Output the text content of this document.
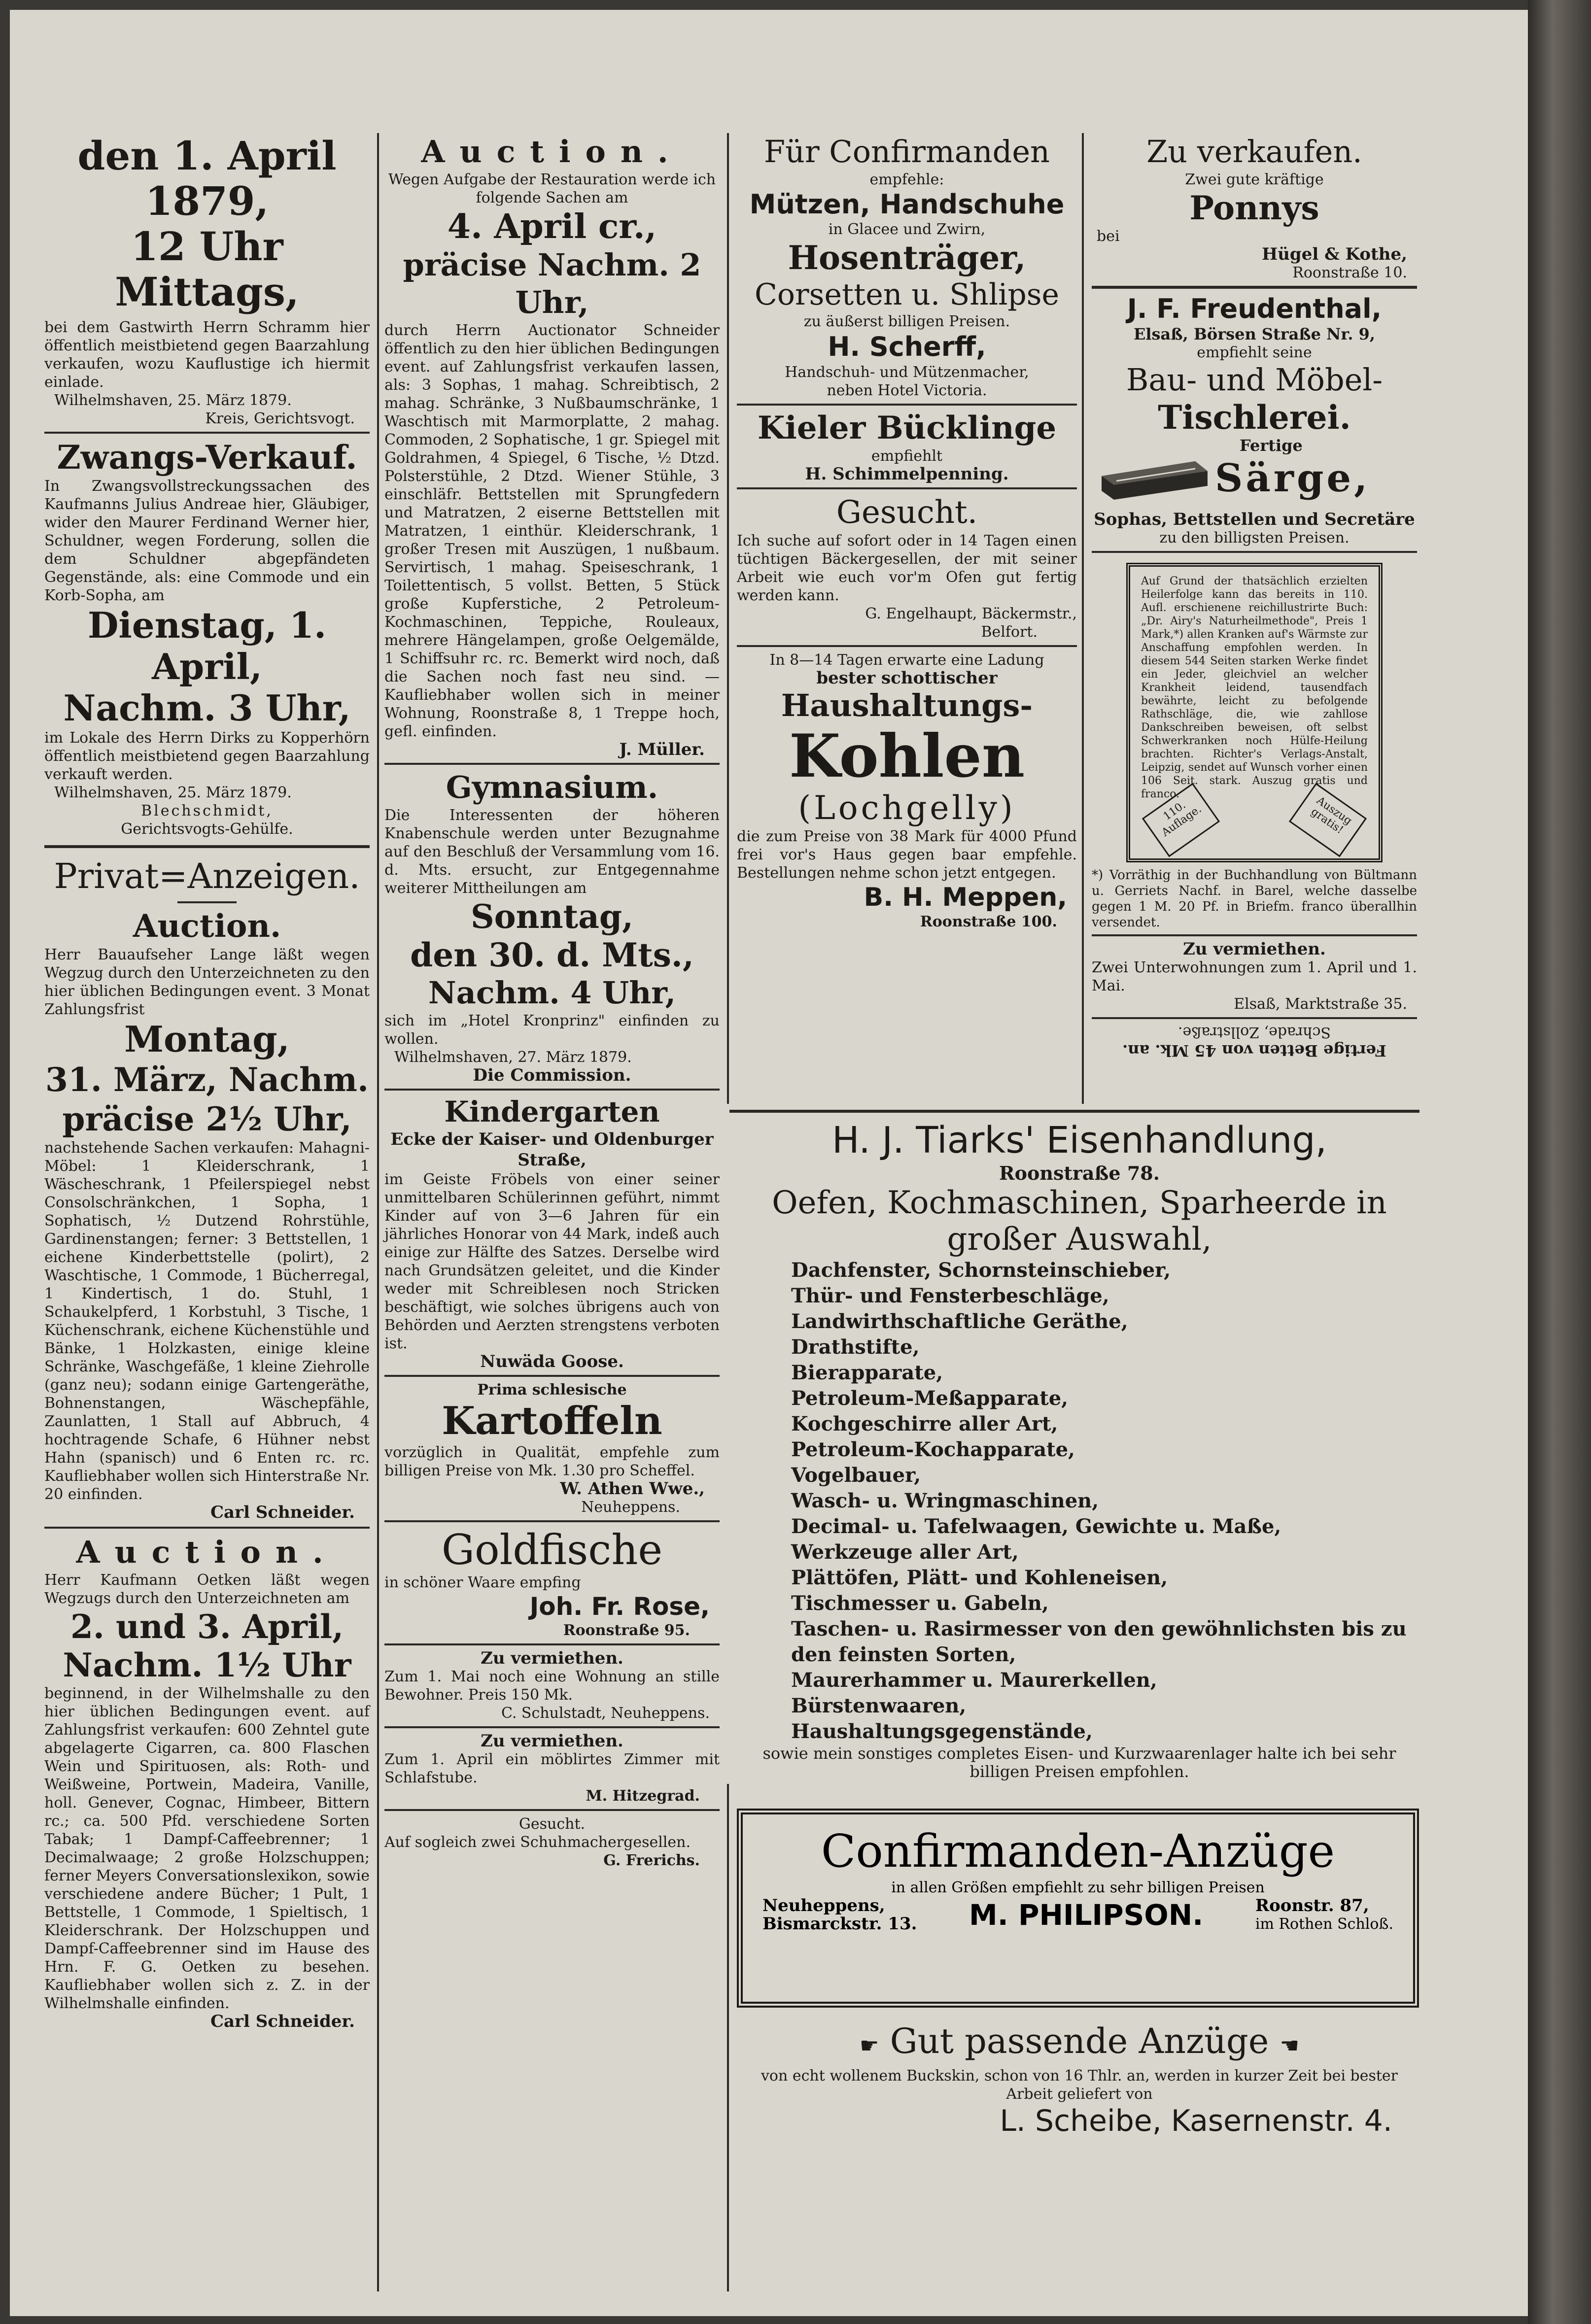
den 1. April 1879,

12 Uhr Mittags,

bei dem Gastwirth Herrn Schramm hier öffentlich meistbietend gegen Baarzahlung verkaufen, wozu Kauflustige ich hiermit einlade.

Wilhelmshaven, 25. März 1879.

Kreis, Gerichtsvogt.

Zwangs-Verkauf.

In Zwangsvollstreckungssachen des Kaufmanns Julius Andreae hier, Gläubiger, wider den Maurer Ferdinand Werner hier, Schuldner, wegen Forderung, sollen die dem Schuldner abgepfändeten Gegenstände, als: eine Commode und ein Korb-Sopha, am

Dienstag, 1. April,

Nachm. 3 Uhr,

im Lokale des Herrn Dirks zu Kopperhörn öffentlich meistbietend gegen Baarzahlung verkauft werden.

Wilhelmshaven, 25. März 1879.

Blechschmidt,

Gerichtsvogts-Gehülfe.

Privat=Anzeigen.

Auction.

Herr Bauaufseher Lange läßt wegen Wegzug durch den Unterzeichneten zu den hier üblichen Bedingungen event. 3 Monat Zahlungsfrist

Montag,

31. März, Nachm.

präcise 2½ Uhr,

nachstehende Sachen verkaufen: Mahagni-Möbel: 1 Kleiderschrank, 1 Wäscheschrank, 1 Pfeilerspiegel nebst Consolschränkchen, 1 Sopha, 1 Sophatisch, ½ Dutzend Rohrstühle, Gardinenstangen; ferner: 3 Bettstellen, 1 eichene Kinderbettstelle (polirt), 2 Waschtische, 1 Commode, 1 Bücherregal, 1 Kindertisch, 1 do. Stuhl, 1 Schaukelpferd, 1 Korbstuhl, 3 Tische, 1 Küchenschrank, eichene Küchenstühle und Bänke, 1 Holzkasten, einige kleine Schränke, Waschgefäße, 1 kleine Ziehrolle (ganz neu); sodann einige Gartengeräthe, Bohnenstangen, Wäschepfähle, Zaunlatten, 1 Stall auf Abbruch, 4 hochtragende Schafe, 6 Hühner nebst Hahn (spanisch) und 6 Enten rc. rc. Kaufliebhaber wollen sich Hinterstraße Nr. 20 einfinden.

Carl Schneider.

Auction.

Herr Kaufmann Oetken läßt wegen Wegzugs durch den Unterzeichneten am

2. und 3. April,

Nachm. 1½ Uhr

beginnend, in der Wilhelmshalle zu den hier üblichen Bedingungen event. auf Zahlungsfrist verkaufen: 600 Zehntel gute abgelagerte Cigarren, ca. 800 Flaschen Wein und Spirituosen, als: Roth- und Weißweine, Portwein, Madeira, Vanille, holl. Genever, Cognac, Himbeer, Bittern rc.; ca. 500 Pfd. verschiedene Sorten Tabak; 1 Dampf-Caffeebrenner; 1 Decimalwaage; 2 große Holzschuppen; ferner Meyers Conversationslexikon, sowie verschiedene andere Bücher; 1 Pult, 1 Bettstelle, 1 Commode, 1 Spieltisch, 1 Kleiderschrank. Der Holzschuppen und Dampf-Caffeebrenner sind im Hause des Hrn. F. G. Oetken zu besehen. Kaufliebhaber wollen sich z. Z. in der Wilhelmshalle einfinden.

Carl Schneider.

Auction.

Wegen Aufgabe der Restauration werde ich folgende Sachen am

4. April cr.,

präcise Nachm. 2 Uhr,

durch Herrn Auctionator Schneider öffentlich zu den hier üblichen Bedingungen event. auf Zahlungsfrist verkaufen lassen, als: 3 Sophas, 1 mahag. Schreibtisch, 2 mahag. Schränke, 3 Nußbaumschränke, 1 Waschtisch mit Marmorplatte, 2 mahag. Commoden, 2 Sophatische, 1 gr. Spiegel mit Goldrahmen, 4 Spiegel, 6 Tische, ½ Dtzd. Polsterstühle, 2 Dtzd. Wiener Stühle, 3 einschläfr. Bettstellen mit Sprungfedern und Matratzen, 2 eiserne Bettstellen mit Matratzen, 1 einthür. Kleiderschrank, 1 großer Tresen mit Auszügen, 1 nußbaum. Servirtisch, 1 mahag. Speiseschrank, 1 Toilettentisch, 5 vollst. Betten, 5 Stück große Kupferstiche, 2 Petroleum-Kochmaschinen, Teppiche, Rouleaux, mehrere Hängelampen, große Oelgemälde, 1 Schiffsuhr rc. rc. Bemerkt wird noch, daß die Sachen noch fast neu sind. — Kaufliebhaber wollen sich in meiner Wohnung, Roonstraße 8, 1 Treppe hoch, gefl. einfinden.

J. Müller.

Gymnasium.

Die Interessenten der höheren Knabenschule werden unter Bezugnahme auf den Beschluß der Versammlung vom 16. d. Mts. ersucht, zur Entgegennahme weiterer Mittheilungen am

Sonntag,

den 30. d. Mts.,

Nachm. 4 Uhr,

sich im „Hotel Kronprinz" einfinden zu wollen.

Wilhelmshaven, 27. März 1879.

Die Commission.

Kindergarten

Ecke der Kaiser- und Oldenburger Straße,

im Geiste Fröbels von einer seiner unmittelbaren Schülerinnen geführt, nimmt Kinder auf von 3—6 Jahren für ein jährliches Honorar von 44 Mark, indeß auch einige zur Hälfte des Satzes. Derselbe wird nach Grundsätzen geleitet, und die Kinder weder mit Schreiblesen noch Stricken beschäftigt, wie solches übrigens auch von Behörden und Aerzten strengstens verboten ist.

Nuwäda Goose.

Prima schlesische

Kartoffeln

vorzüglich in Qualität, empfehle zum billigen Preise von Mk. 1.30 pro Scheffel.

W. Athen Wwe.,

Neuheppens.

Goldfische

in schöner Waare empfing

Joh. Fr. Rose,

Roonstraße 95.

Zu vermiethen.

Zum 1. Mai noch eine Wohnung an stille Bewohner. Preis 150 Mk.

C. Schulstadt, Neuheppens.

Zu vermiethen.

Zum 1. April ein möblirtes Zimmer mit Schlafstube.

M. Hitzegrad.

Gesucht.

Auf sogleich zwei Schuhmachergesellen.

G. Frerichs.

Für Confirmanden

empfehle:

Mützen, Handschuhe

in Glacee und Zwirn,

Hosenträger,

Corsetten u. Shlipse

zu äußerst billigen Preisen.

H. Scherff,

Handschuh- und Mützenmacher,

neben Hotel Victoria.

Kieler Bücklinge

empfiehlt

H. Schimmelpenning.

Gesucht.

Ich suche auf sofort oder in 14 Tagen einen tüchtigen Bäckergesellen, der mit seiner Arbeit wie euch vor'm Ofen gut fertig werden kann.

G. Engelhaupt, Bäckermstr.,

Belfort.

In 8—14 Tagen erwarte eine Ladung

bester schottischer

Haushaltungs-

Kohlen

(Lochgelly)

die zum Preise von 38 Mark für 4000 Pfund frei vor's Haus gegen baar empfehle. Bestellungen nehme schon jetzt entgegen.

B. H. Meppen,

Roonstraße 100.

Zu verkaufen.

Zwei gute kräftige

Ponnys

bei

Hügel & Kothe,

Roonstraße 10.

J. F. Freudenthal,

Elsaß, Börsen Straße Nr. 9,

empfiehlt seine

Bau- und Möbel-

Tischlerei.

Fertige

Särge,

Sophas, Bettstellen und Secretäre

zu den billigsten Preisen.

Auf Grund der thatsächlich erzielten Heilerfolge kann das bereits in 110. Aufl. erschienene reichillustrirte Buch: „Dr. Airy's Naturheilmethode", Preis 1 Mark,*) allen Kranken auf's Wärmste zur Anschaffung empfohlen werden. In diesem 544 Seiten starken Werke findet ein Jeder, gleichviel an welcher Krankheit leidend, tausendfach bewährte, leicht zu befolgende Rathschläge, die, wie zahllose Dankschreiben beweisen, oft selbst Schwerkranken noch Hülfe-Heilung brachten. Richter's Verlags-Anstalt, Leipzig, sendet auf Wunsch vorher einen 106 Seit. stark. Auszug gratis und franco.

110. Auflage.	Auszug gratis!

*) Vorräthig in der Buchhandlung von Bültmann u. Gerriets Nachf. in Barel, welche dasselbe gegen 1 M. 20 Pf. in Briefm. franco überallhin versendet.

Zu vermiethen.

Zwei Unterwohnungen zum 1. April und 1. Mai.

Elsaß, Marktstraße 35.

Fertige Betten von 45 Mk. an.

Schrade, Zollstraße.

H. J. Tiarks' Eisenhandlung,

Roonstraße 78.

Oefen, Kochmaschinen, Sparheerde in

großer Auswahl,

Dachfenster, Schornsteinschieber,
Thür- und Fensterbeschläge,
Landwirthschaftliche Geräthe,
Drathstifte,
Bierapparate,
Petroleum-Meßapparate,
Kochgeschirre aller Art,
Petroleum-Kochapparate,
Vogelbauer,
Wasch- u. Wringmaschinen,
Decimal- u. Tafelwaagen, Gewichte u. Maße,
Werkzeuge aller Art,
Plättöfen, Plätt- und Kohleneisen,
Tischmesser u. Gabeln,
Taschen- u. Rasirmesser von den gewöhnlichsten bis zu den feinsten Sorten,
Maurerhammer u. Maurerkellen,
Bürstenwaaren,
Haushaltungsgegenstände,

sowie mein sonstiges completes Eisen- und Kurzwaarenlager halte ich bei sehr billigen Preisen empfohlen.

Confirmanden-Anzüge

in allen Größen empfiehlt zu sehr billigen Preisen

Neuheppens,

Bismarckstr. 13. M. PHILIPSON.	Roonstr. 87,

im Rothen Schloß.

☛ Gut passende Anzüge ☚

von echt wollenem Buckskin, schon von 16 Thlr. an, werden in kurzer Zeit bei bester Arbeit geliefert von

L. Scheibe, Kasernenstr. 4.
